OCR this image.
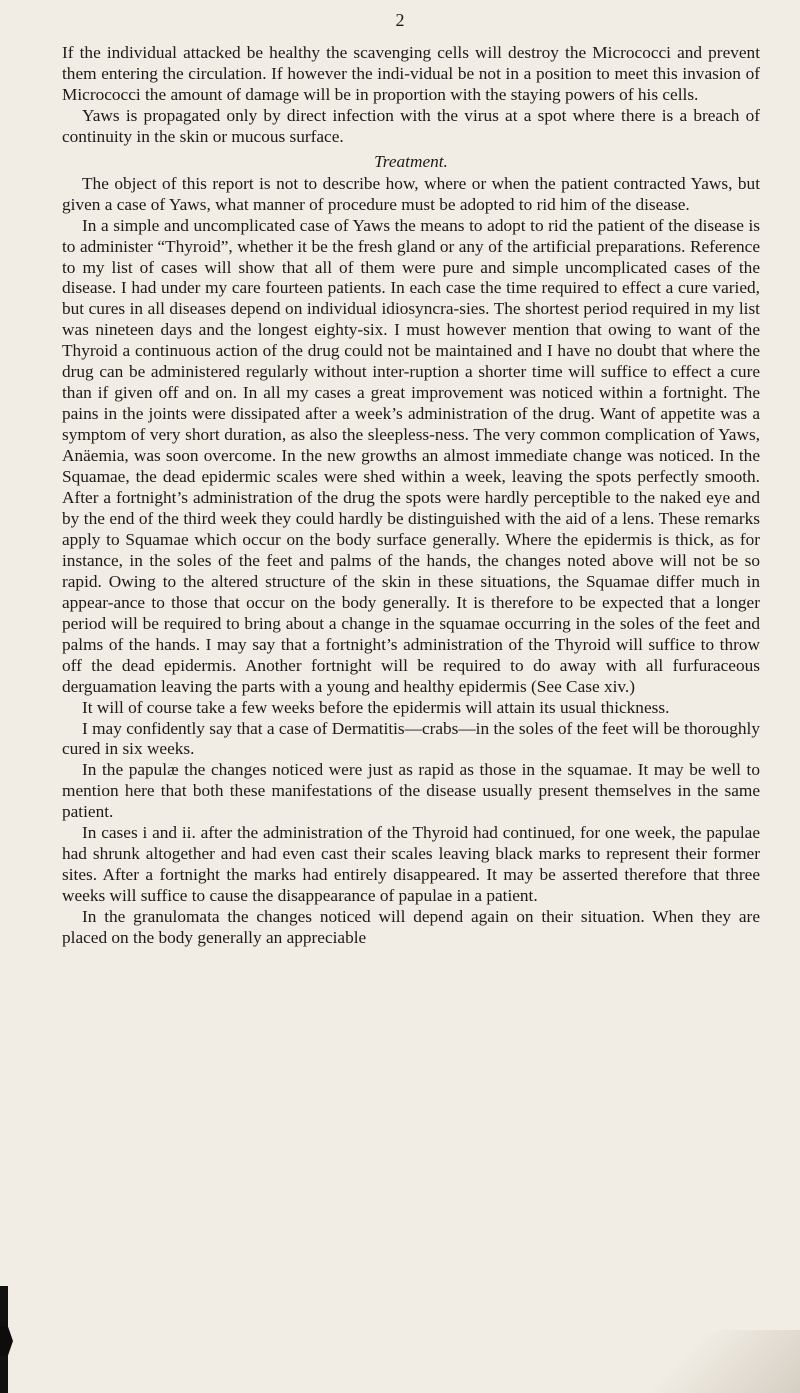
2

If the individual attacked be healthy the scavenging cells will destroy the Micrococci and prevent them entering the circulation. If however the indi-vidual be not in a position to meet this invasion of Micrococci the amount of damage will be in proportion with the staying powers of his cells.

Yaws is propagated only by direct infection with the virus at a spot where there is a breach of continuity in the skin or mucous surface.

Treatment.

The object of this report is not to describe how, where or when the patient contracted Yaws, but given a case of Yaws, what manner of procedure must be adopted to rid him of the disease.

In a simple and uncomplicated case of Yaws the means to adopt to rid the patient of the disease is to administer “Thyroid”, whether it be the fresh gland or any of the artificial preparations. Reference to my list of cases will show that all of them were pure and simple uncomplicated cases of the disease. I had under my care fourteen patients. In each case the time required to effect a cure varied, but cures in all diseases depend on individual idiosyncra-sies. The shortest period required in my list was nineteen days and the longest eighty-six. I must however mention that owing to want of the Thyroid a continuous action of the drug could not be maintained and I have no doubt that where the drug can be administered regularly without inter-ruption a shorter time will suffice to effect a cure than if given off and on. In all my cases a great improvement was noticed within a fortnight. The pains in the joints were dissipated after a week’s administration of the drug. Want of appetite was a symptom of very short duration, as also the sleepless-ness. The very common complication of Yaws, Anäemia, was soon overcome. In the new growths an almost immediate change was noticed. In the Squamae, the dead epidermic scales were shed within a week, leaving the spots perfectly smooth. After a fortnight’s administration of the drug the spots were hardly perceptible to the naked eye and by the end of the third week they could hardly be distinguished with the aid of a lens. These remarks apply to Squamae which occur on the body surface generally. Where the epidermis is thick, as for instance, in the soles of the feet and palms of the hands, the changes noted above will not be so rapid. Owing to the altered structure of the skin in these situations, the Squamae differ much in appear-ance to those that occur on the body generally. It is therefore to be expected that a longer period will be required to bring about a change in the squamae occurring in the soles of the feet and palms of the hands. I may say that a fortnight’s administration of the Thyroid will suffice to throw off the dead epidermis. Another fortnight will be required to do away with all furfuraceous derguamation leaving the parts with a young and healthy epidermis (See Case xiv.)

It will of course take a few weeks before the epidermis will attain its usual thickness.

I may confidently say that a case of Dermatitis—crabs—in the soles of the feet will be thoroughly cured in six weeks.

In the papulæ the changes noticed were just as rapid as those in the squamae. It may be well to mention here that both these manifestations of the disease usually present themselves in the same patient.

In cases i and ii. after the administration of the Thyroid had continued, for one week, the papulae had shrunk altogether and had even cast their scales leaving black marks to represent their former sites. After a fortnight the marks had entirely disappeared. It may be asserted therefore that three weeks will suffice to cause the disappearance of papulae in a patient.

In the granulomata the changes noticed will depend again on their situation. When they are placed on the body generally an appreciable
